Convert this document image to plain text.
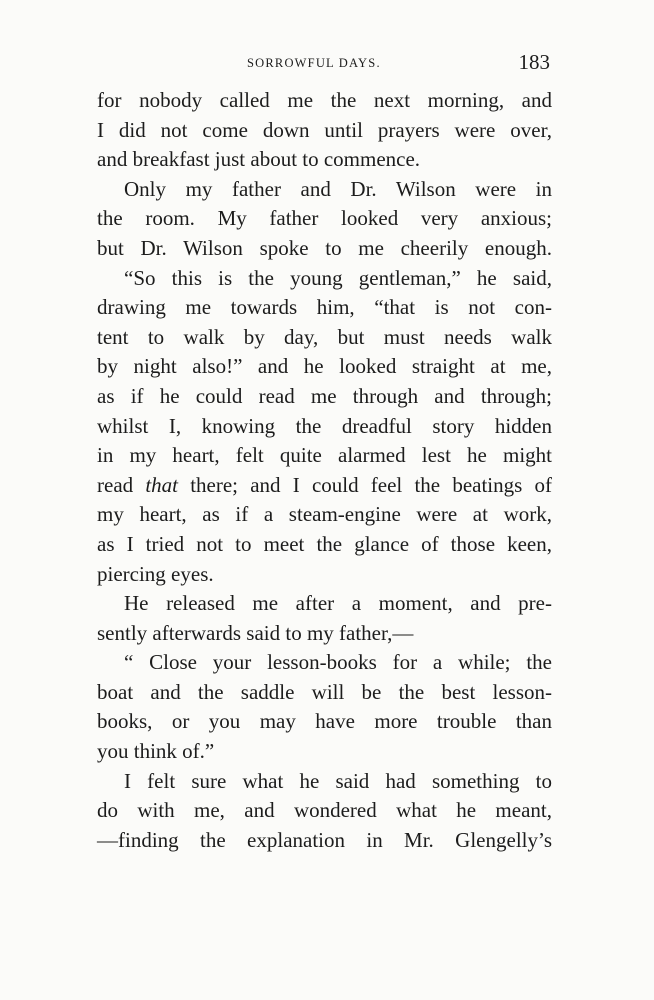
SORROWFUL DAYS.	183
for nobody called me the next morning, and
I did not come down until prayers were over,
and breakfast just about to commence.
Only my father and Dr. Wilson were in
the room. My father looked very anxious;
but Dr. Wilson spoke to me cheerily enough.
“So this is the young gentleman,” he said,
drawing me towards him, “that is not con-
tent to walk by day, but must needs walk
by night also!” and he looked straight at me,
as if he could read me through and through;
whilst I, knowing the dreadful story hidden
in my heart, felt quite alarmed lest he might
read that there; and I could feel the beatings of
my heart, as if a steam-engine were at work,
as I tried not to meet the glance of those keen,
piercing eyes.
He released me after a moment, and pre-
sently afterwards said to my father,—
“ Close your lesson-books for a while; the
boat and the saddle will be the best lesson-
books, or you may have more trouble than
you think of.”
I felt sure what he said had something to
do with me, and wondered what he meant,
—finding the explanation in Mr. Glengelly’s
